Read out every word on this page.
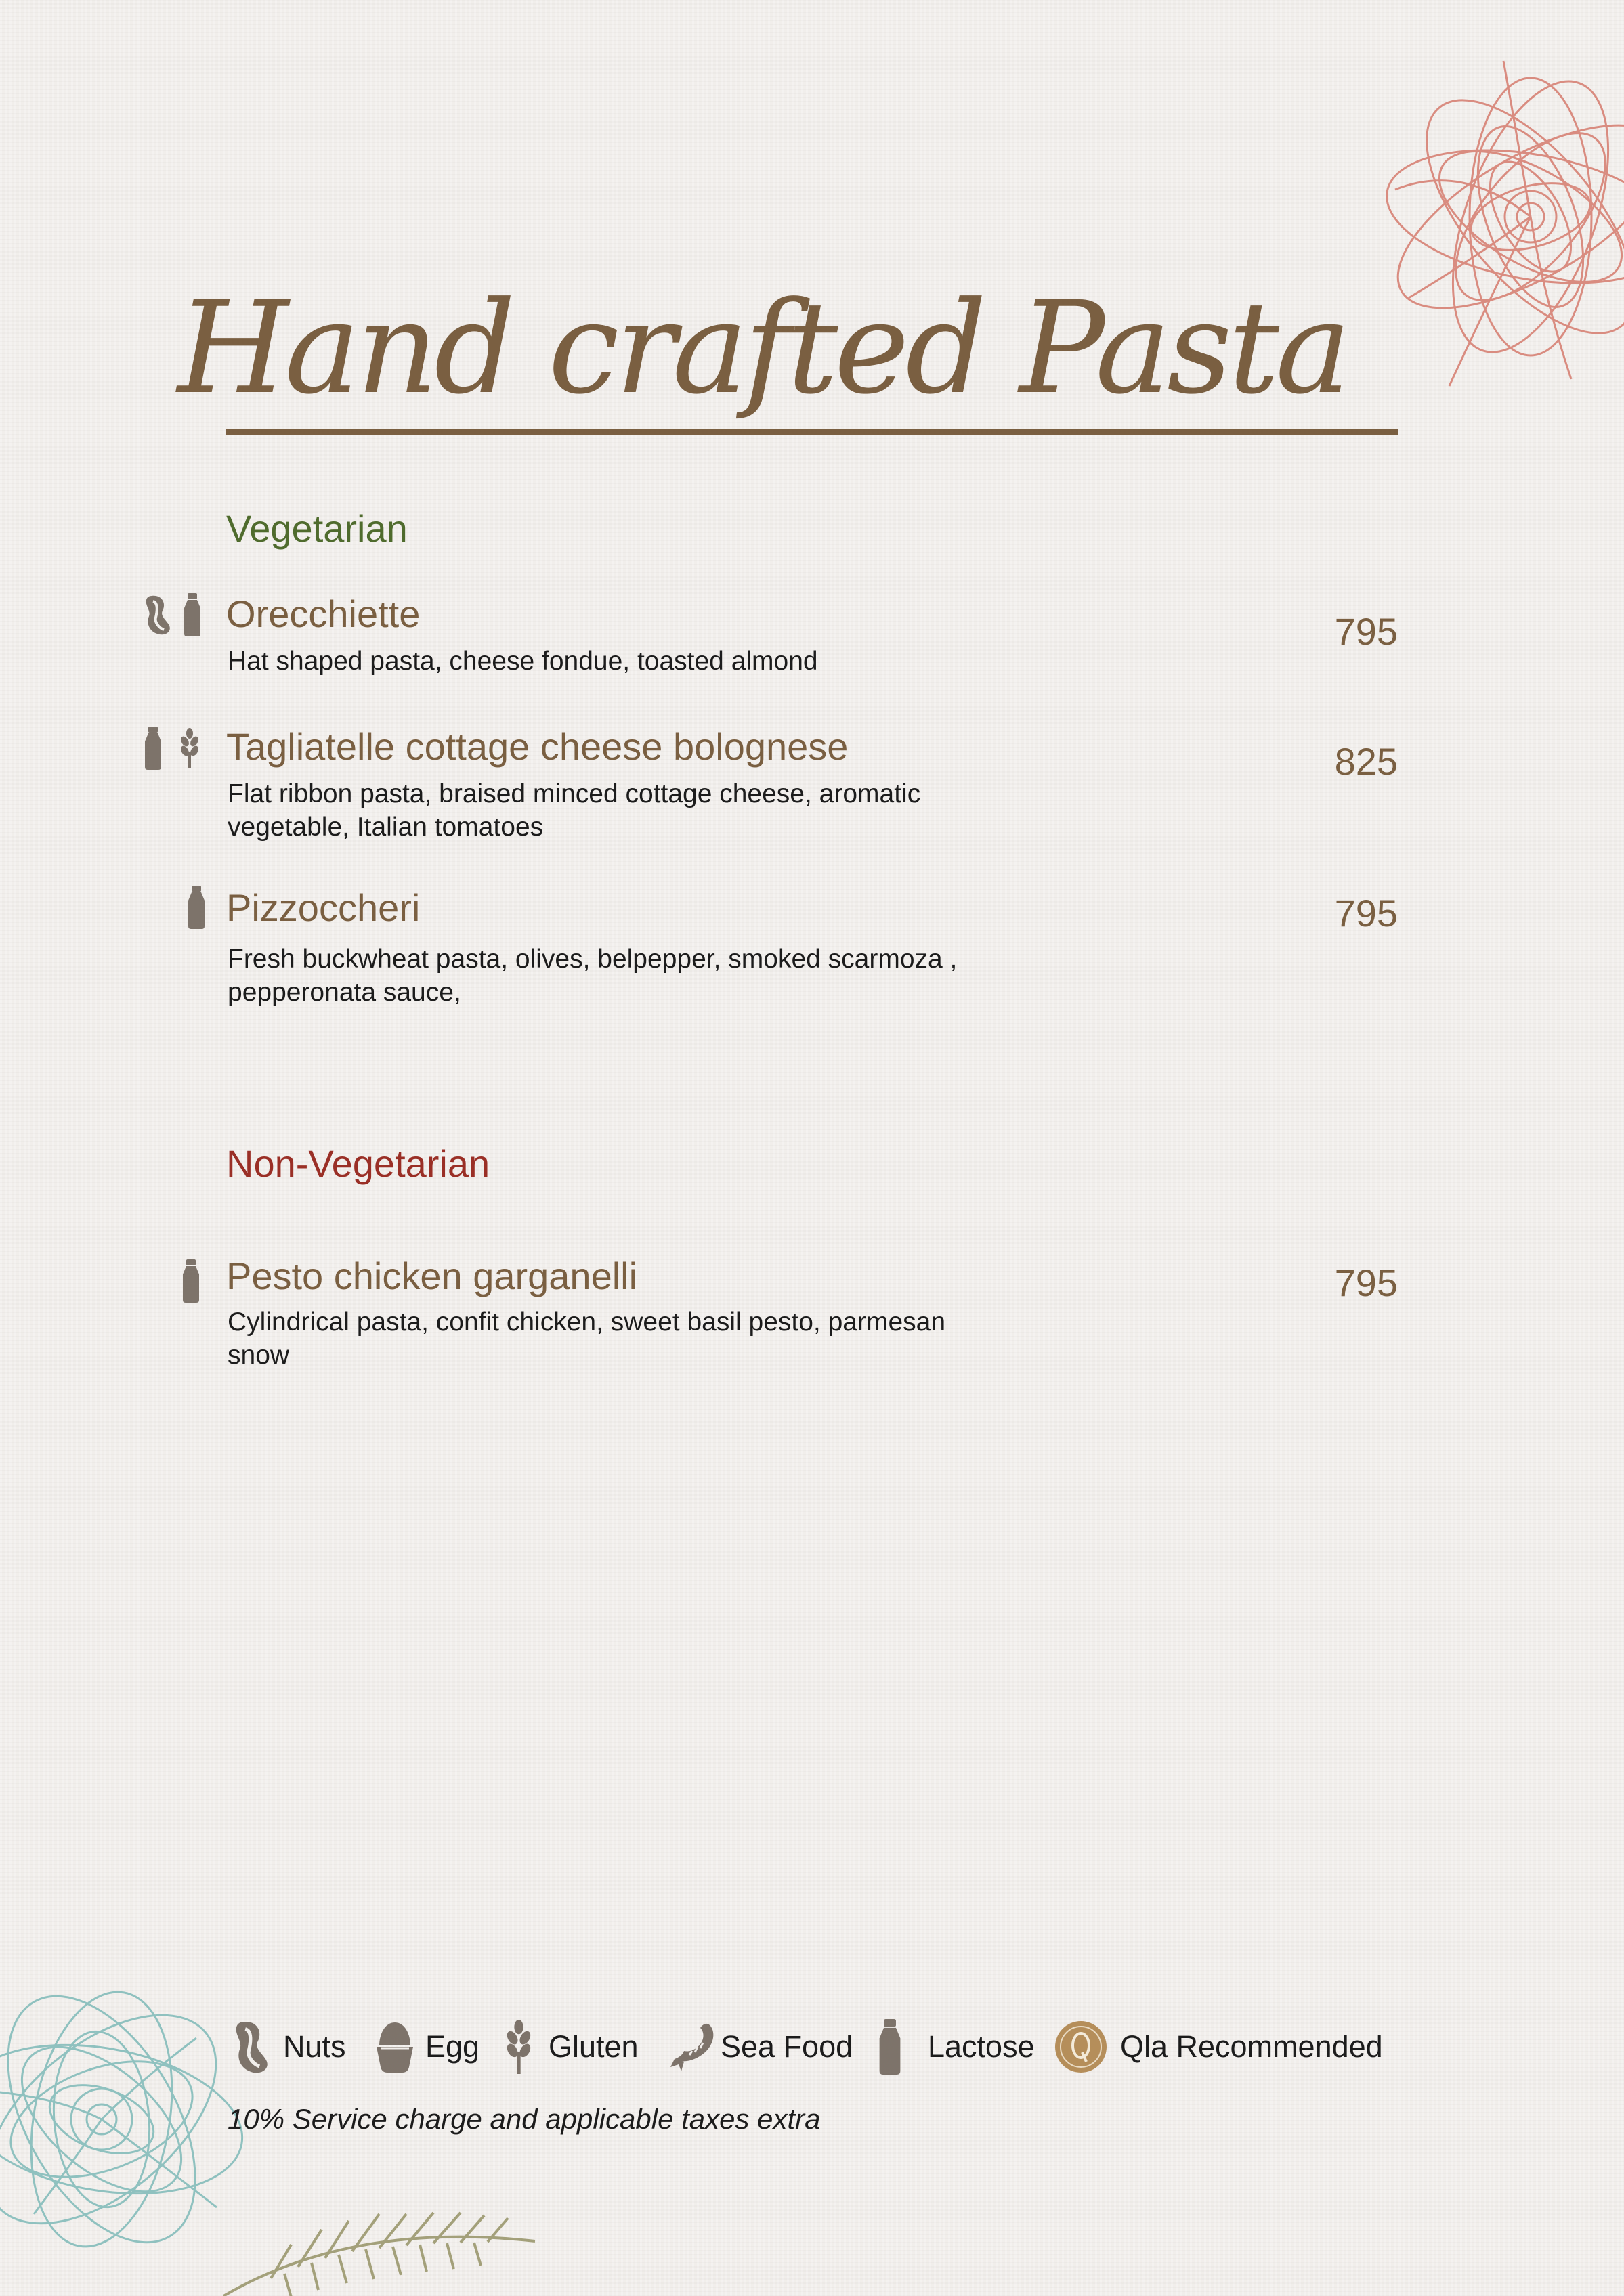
Hand crafted Pasta
Vegetarian
Orecchiette
Hat shaped pasta, cheese fondue, toasted almond
795
Tagliatelle cottage cheese bolognese
Flat ribbon pasta, braised minced cottage cheese, aromatic vegetable, Italian tomatoes
825
Pizzoccheri
Fresh buckwheat pasta, olives, belpepper, smoked scarmoza , pepperonata sauce,
795
Non-Vegetarian
Pesto chicken garganelli
Cylindrical pasta, confit chicken, sweet basil pesto, parmesan snow
795
Nuts	Egg Gluten	Sea Food Lactose	Qla Recommended
10% Service charge and applicable taxes extra
